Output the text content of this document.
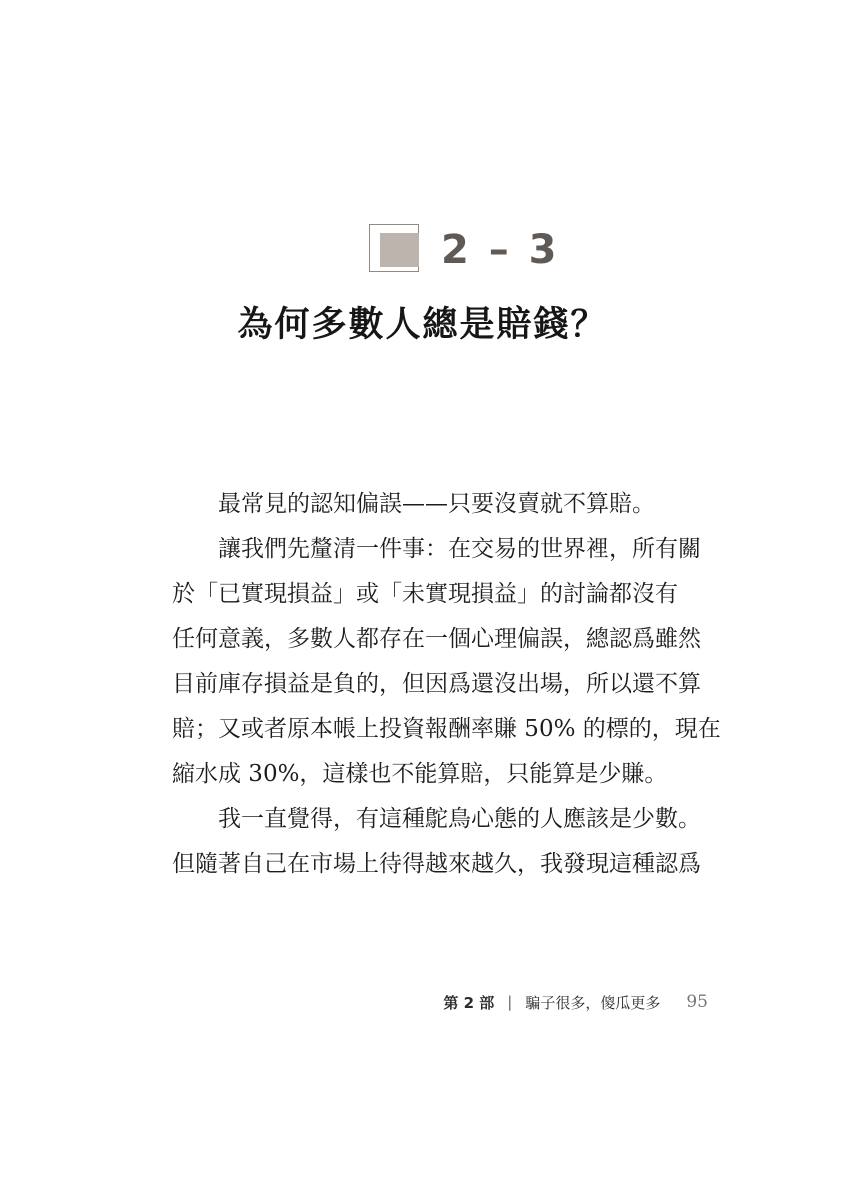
2 – 3
為何多數人總是賠錢？

最常見的認知偏誤——只要沒賣就不算賠。

讓我們先釐清一件事：在交易的世界裡，所有關
於「已實現損益」或「未實現損益」的討論都沒有
任何意義，多數人都存在一個心理偏誤，總認爲雖然
目前庫存損益是負的，但因爲還沒出場，所以還不算
賠；又或者原本帳上投資報酬率賺 50% 的標的，現在
縮水成 30%，這樣也不能算賠，只能算是少賺。

我一直覺得，有這種鴕鳥心態的人應該是少數。
但隨著自己在市場上待得越來越久，我發現這種認爲

第 2 部 | 騙子很多，傻瓜更多 95
